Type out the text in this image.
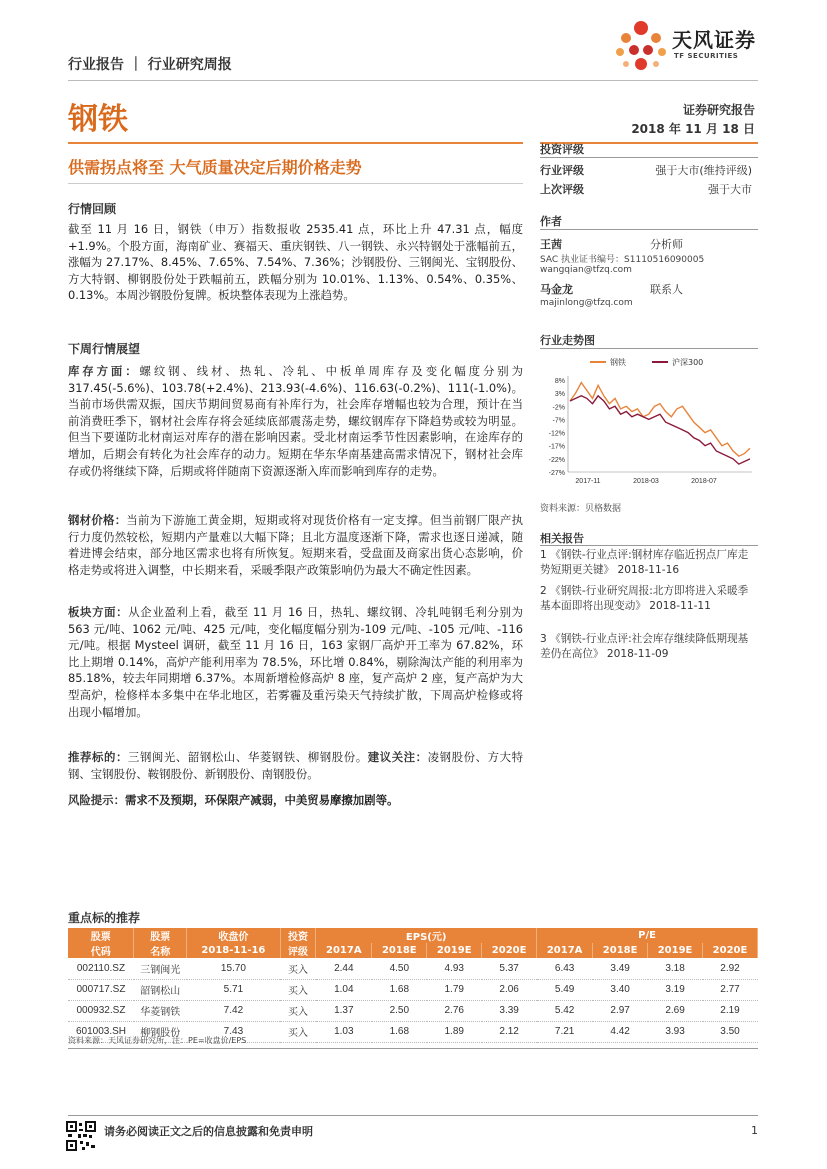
行业报告 ｜ 行业研究周报
天风证券
TF SECURITIES
钢铁	证券研究报告
2018 年 11 月 18 日
供需拐点将至 大气质量决定后期价格走势
行情回顾
截至 11 月 16 日，钢铁（申万）指数报收 2535.41 点，环比上升 47.31 点，幅度+1.9%。个股方面，海南矿业、赛福天、重庆钢铁、八一钢铁、永兴特钢处于涨幅前五，涨幅为 27.17%、8.45%、7.65%、7.54%、7.36%；沙钢股份、三钢闽光、宝钢股份、方大特钢、柳钢股份处于跌幅前五，跌幅分别为 10.01%、1.13%、0.54%、0.35%、0.13%。本周沙钢股份复牌。板块整体表现为上涨趋势。
下周行情展望
库存方面：螺纹钢、线材、热轧、冷轧、中板单周库存及变化幅度分别为 317.45(-5.6%)、103.78(+2.4%)、213.93(-4.6%)、116.63(-0.2%)、111(-1.0%)。当前市场供需双振，国庆节期间贸易商有补库行为，社会库存增幅也较为合理，预计在当前消费旺季下，钢材社会库存将会延续底部震荡走势，螺纹钢库存下降趋势或较为明显。但当下要谨防北材南运对库存的潜在影响因素。受北材南运季节性因素影响，在途库存的增加，后期会有转化为社会库存的动力。短期在华东华南基建高需求情况下，钢材社会库存或仍将继续下降，后期或将伴随南下资源逐渐入库而影响到库存的走势。
钢材价格：当前为下游施工黄金期，短期或将对现货价格有一定支撑。但当前钢厂限产执行力度仍然较松，短期内产量难以大幅下降；且北方温度逐渐下降，需求也逐日递减，随着进博会结束，部分地区需求也将有所恢复。短期来看，受盘面及商家出货心态影响，价格走势或将进入调整，中长期来看，采暖季限产政策影响仍为最大不确定性因素。
板块方面：从企业盈利上看，截至 11 月 16 日，热轧、螺纹钢、冷轧吨钢毛利分别为 563 元/吨、1062 元/吨、425 元/吨，变化幅度幅分别为-109 元/吨、-105 元/吨、-116 元/吨。根据 Mysteel 调研，截至 11 月 16 日，163 家钢厂高炉开工率为 67.82%，环比上期增 0.14%，高炉产能利用率为 78.5%，环比增 0.84%，剔除淘汰产能的利用率为 85.18%，较去年同期增 6.37%。本周新增检修高炉 8 座，复产高炉 2 座，复产高炉为大型高炉，检修样本多集中在华北地区，若雾霾及重污染天气持续扩散，下周高炉检修或将出现小幅增加。
推荐标的：三钢闽光、韶钢松山、华菱钢铁、柳钢股份。建议关注：凌钢股份、方大特钢、宝钢股份、鞍钢股份、新钢股份、南钢股份。
风险提示：需求不及预期，环保限产减弱，中美贸易摩擦加剧等。
投资评级
行业评级	强于大市(维持评级)
上次评级	强于大市
作者
王茜	分析师
SAC 执业证书编号：S1110516090005
wangqian@tfzq.com
马金龙	联系人
majinlong@tfzq.com
行业走势图
钢铁	沪深300
8%
3%
-2%
-7%
-12%
-17%
-22%
-27%
2017-11	2018-03	2018-07
资料来源：贝格数据
相关报告
1 《钢铁-行业点评:钢材库存临近拐点厂库走势短期更关键》 2018-11-16
2 《钢铁-行业研究周报:北方即将进入采暖季 基本面即将出现变动》 2018-11-11
3 《钢铁-行业点评:社会库存继续降低期现基差仍在高位》 2018-11-09
重点标的推荐
股票	股票	收盘价	投资	EPS(元)				P/E			
代码	名称	2018-11-16	评级	2017A	2018E	2019E	2020E	2017A	2018E	2019E	2020E
002110.SZ	三钢闽光	15.70	买入	2.44	4.50	4.93	5.37	6.43	3.49	3.18	2.92
000717.SZ	韶钢松山	5.71	买入	1.04	1.68	1.79	2.06	5.49	3.40	3.19	2.77
000932.SZ	华菱钢铁	7.42	买入	1.37	2.50	2.76	3.39	5.42	2.97	2.69	2.19
601003.SH	柳钢股份	7.43	买入	1.03	1.68	1.89	2.12	7.21	4.42	3.93	3.50
资料来源：天风证券研究所，注：PE=收盘价/EPS
请务必阅读正文之后的信息披露和免责申明	1
